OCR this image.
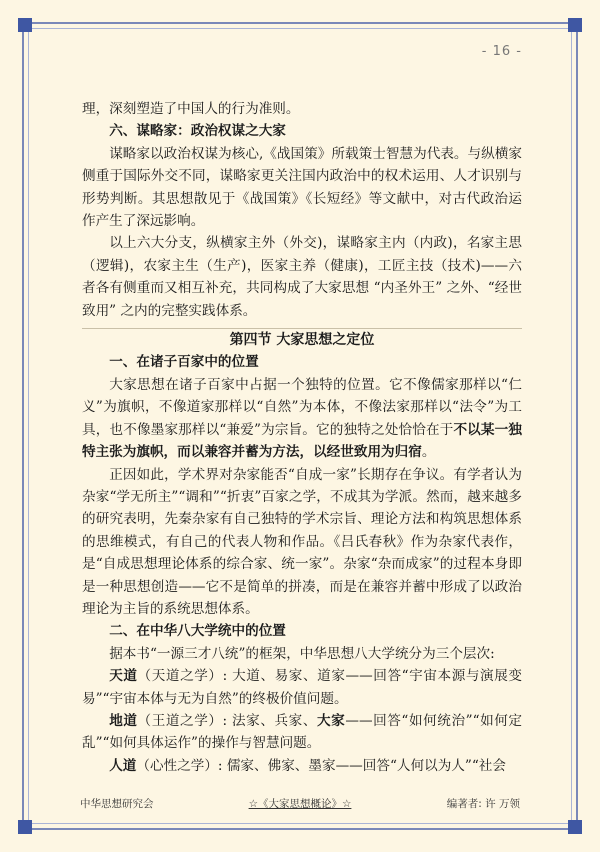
- 16 -

理，深刻塑造了中国人的行为准则。

六、谋略家：政治权谋之大家

谋略家以政治权谋为核心,《战国策》所载策士智慧为代表。与纵横家侧重于国际外交不同，谋略家更关注国内政治中的权术运用、人才识别与形势判断。其思想散见于《战国策》《长短经》等文献中，对古代政治运作产生了深远影响。

以上六大分支，纵横家主外（外交)，谋略家主内（内政)，名家主思（逻辑)，农家主生（生产)，医家主养（健康)，工匠主技（技术)——六者各有侧重而又相互补充，共同构成了大家思想 “内圣外王” 之外、“经世致用” 之内的完整实践体系。

第四节 大家思想之定位

一、在诸子百家中的位置

大家思想在诸子百家中占据一个独特的位置。它不像儒家那样以“仁义”为旗帜，不像道家那样以“自然”为本体，不像法家那样以“法令”为工具，也不像墨家那样以“兼爱”为宗旨。它的独特之处恰恰在于不以某一独特主张为旗帜，而以兼容并蓄为方法，以经世致用为归宿。

正因如此，学术界对杂家能否“自成一家”长期存在争议。有学者认为杂家“学无所主”“调和”“折衷”百家之学，不成其为学派。然而，越来越多的研究表明，先秦杂家有自己独特的学术宗旨、理论方法和构筑思想体系的思维模式，有自己的代表人物和作品。《吕氏春秋》作为杂家代表作，是“自成思想理论体系的综合家、统一家”。杂家“杂而成家”的过程本身即是一种思想创造——它不是简单的拼凑，而是在兼容并蓄中形成了以政治理论为主旨的系统思想体系。

二、在中华八大学统中的位置

据本书“一源三才八统”的框架，中华思想八大学统分为三个层次:

天道（天道之学）: 大道、易家、道家——回答“宇宙本源与演展变易”“宇宙本体与无为自然”的终极价值问题。

地道（王道之学）: 法家、兵家、大家——回答“如何统治”“如何定乱”“如何具体运作”的操作与智慧问题。

人道（心性之学）: 儒家、佛家、墨家——回答“人何以为人”“社会

中华思想研究会	☆《大家思想概论》☆	编著者: 许 万领
